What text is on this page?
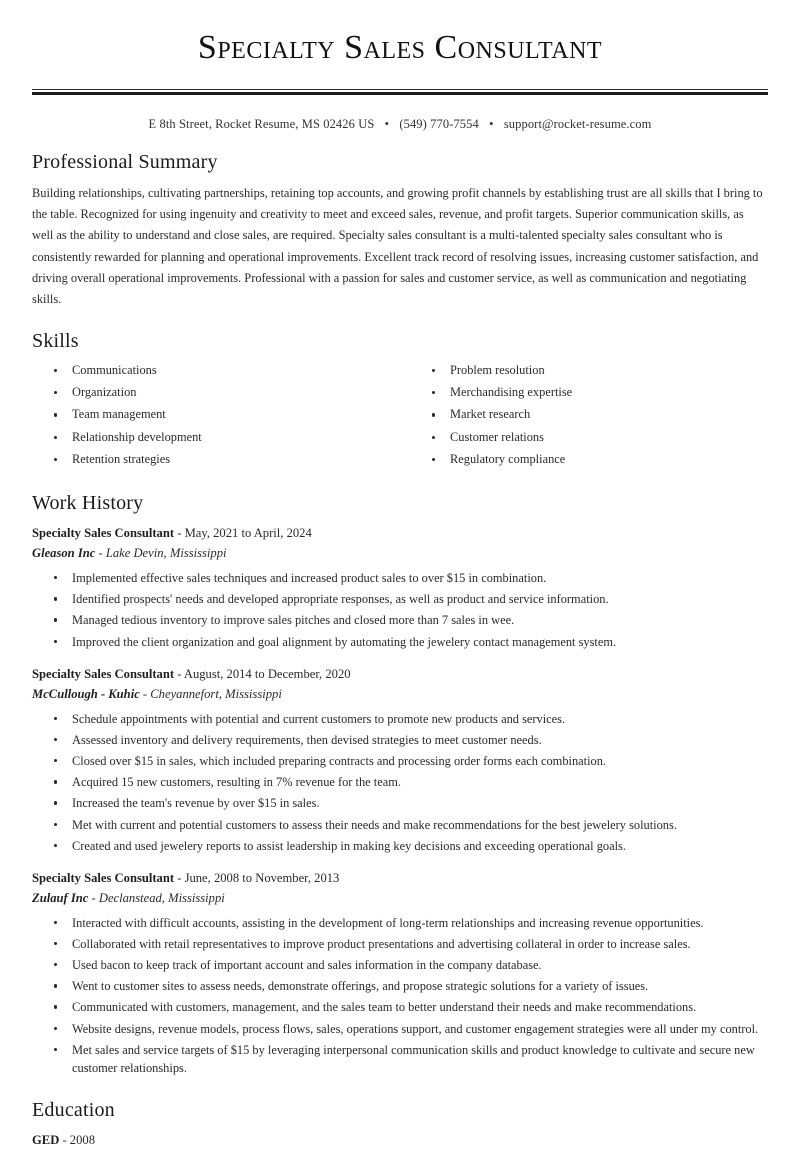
Specialty Sales Consultant
E 8th Street, Rocket Resume, MS 02426 US • (549) 770-7554 • support@rocket-resume.com
Professional Summary

Building relationships, cultivating partnerships, retaining top accounts, and growing profit channels by establishing trust are all skills that I bring to the table. Recognized for using ingenuity and creativity to meet and exceed sales, revenue, and profit targets. Superior communication skills, as well as the ability to understand and close sales, are required. Specialty sales consultant is a multi-talented specialty sales consultant who is consistently rewarded for planning and operational improvements. Excellent track record of resolving issues, increasing customer satisfaction, and driving overall operational improvements. Professional with a passion for sales and customer service, as well as communication and negotiating skills.

Skills
Communications
Organization
Team management
Relationship development
Retention strategies
Problem resolution
Merchandising expertise
Market research
Customer relations
Regulatory compliance
Work History
Specialty Sales Consultant - May, 2021 to April, 2024
Gleason Inc - Lake Devin, Mississippi
Implemented effective sales techniques and increased product sales to over $15 in combination.
Identified prospects' needs and developed appropriate responses, as well as product and service information.
Managed tedious inventory to improve sales pitches and closed more than 7 sales in wee.
Improved the client organization and goal alignment by automating the jewelery contact management system.
Specialty Sales Consultant - August, 2014 to December, 2020
McCullough - Kuhic - Cheyannefort, Mississippi
Schedule appointments with potential and current customers to promote new products and services.
Assessed inventory and delivery requirements, then devised strategies to meet customer needs.
Closed over $15 in sales, which included preparing contracts and processing order forms each combination.
Acquired 15 new customers, resulting in 7% revenue for the team.
Increased the team's revenue by over $15 in sales.
Met with current and potential customers to assess their needs and make recommendations for the best jewelery solutions.
Created and used jewelery reports to assist leadership in making key decisions and exceeding operational goals.
Specialty Sales Consultant - June, 2008 to November, 2013
Zulauf Inc - Declanstead, Mississippi
Interacted with difficult accounts, assisting in the development of long-term relationships and increasing revenue opportunities.
Collaborated with retail representatives to improve product presentations and advertising collateral in order to increase sales.
Used bacon to keep track of important account and sales information in the company database.
Went to customer sites to assess needs, demonstrate offerings, and propose strategic solutions for a variety of issues.
Communicated with customers, management, and the sales team to better understand their needs and make recommendations.
Website designs, revenue models, process flows, sales, operations support, and customer engagement strategies were all under my control.
Met sales and service targets of $15 by leveraging interpersonal communication skills and product knowledge to cultivate and secure new customer relationships.
Education
GED - 2008
